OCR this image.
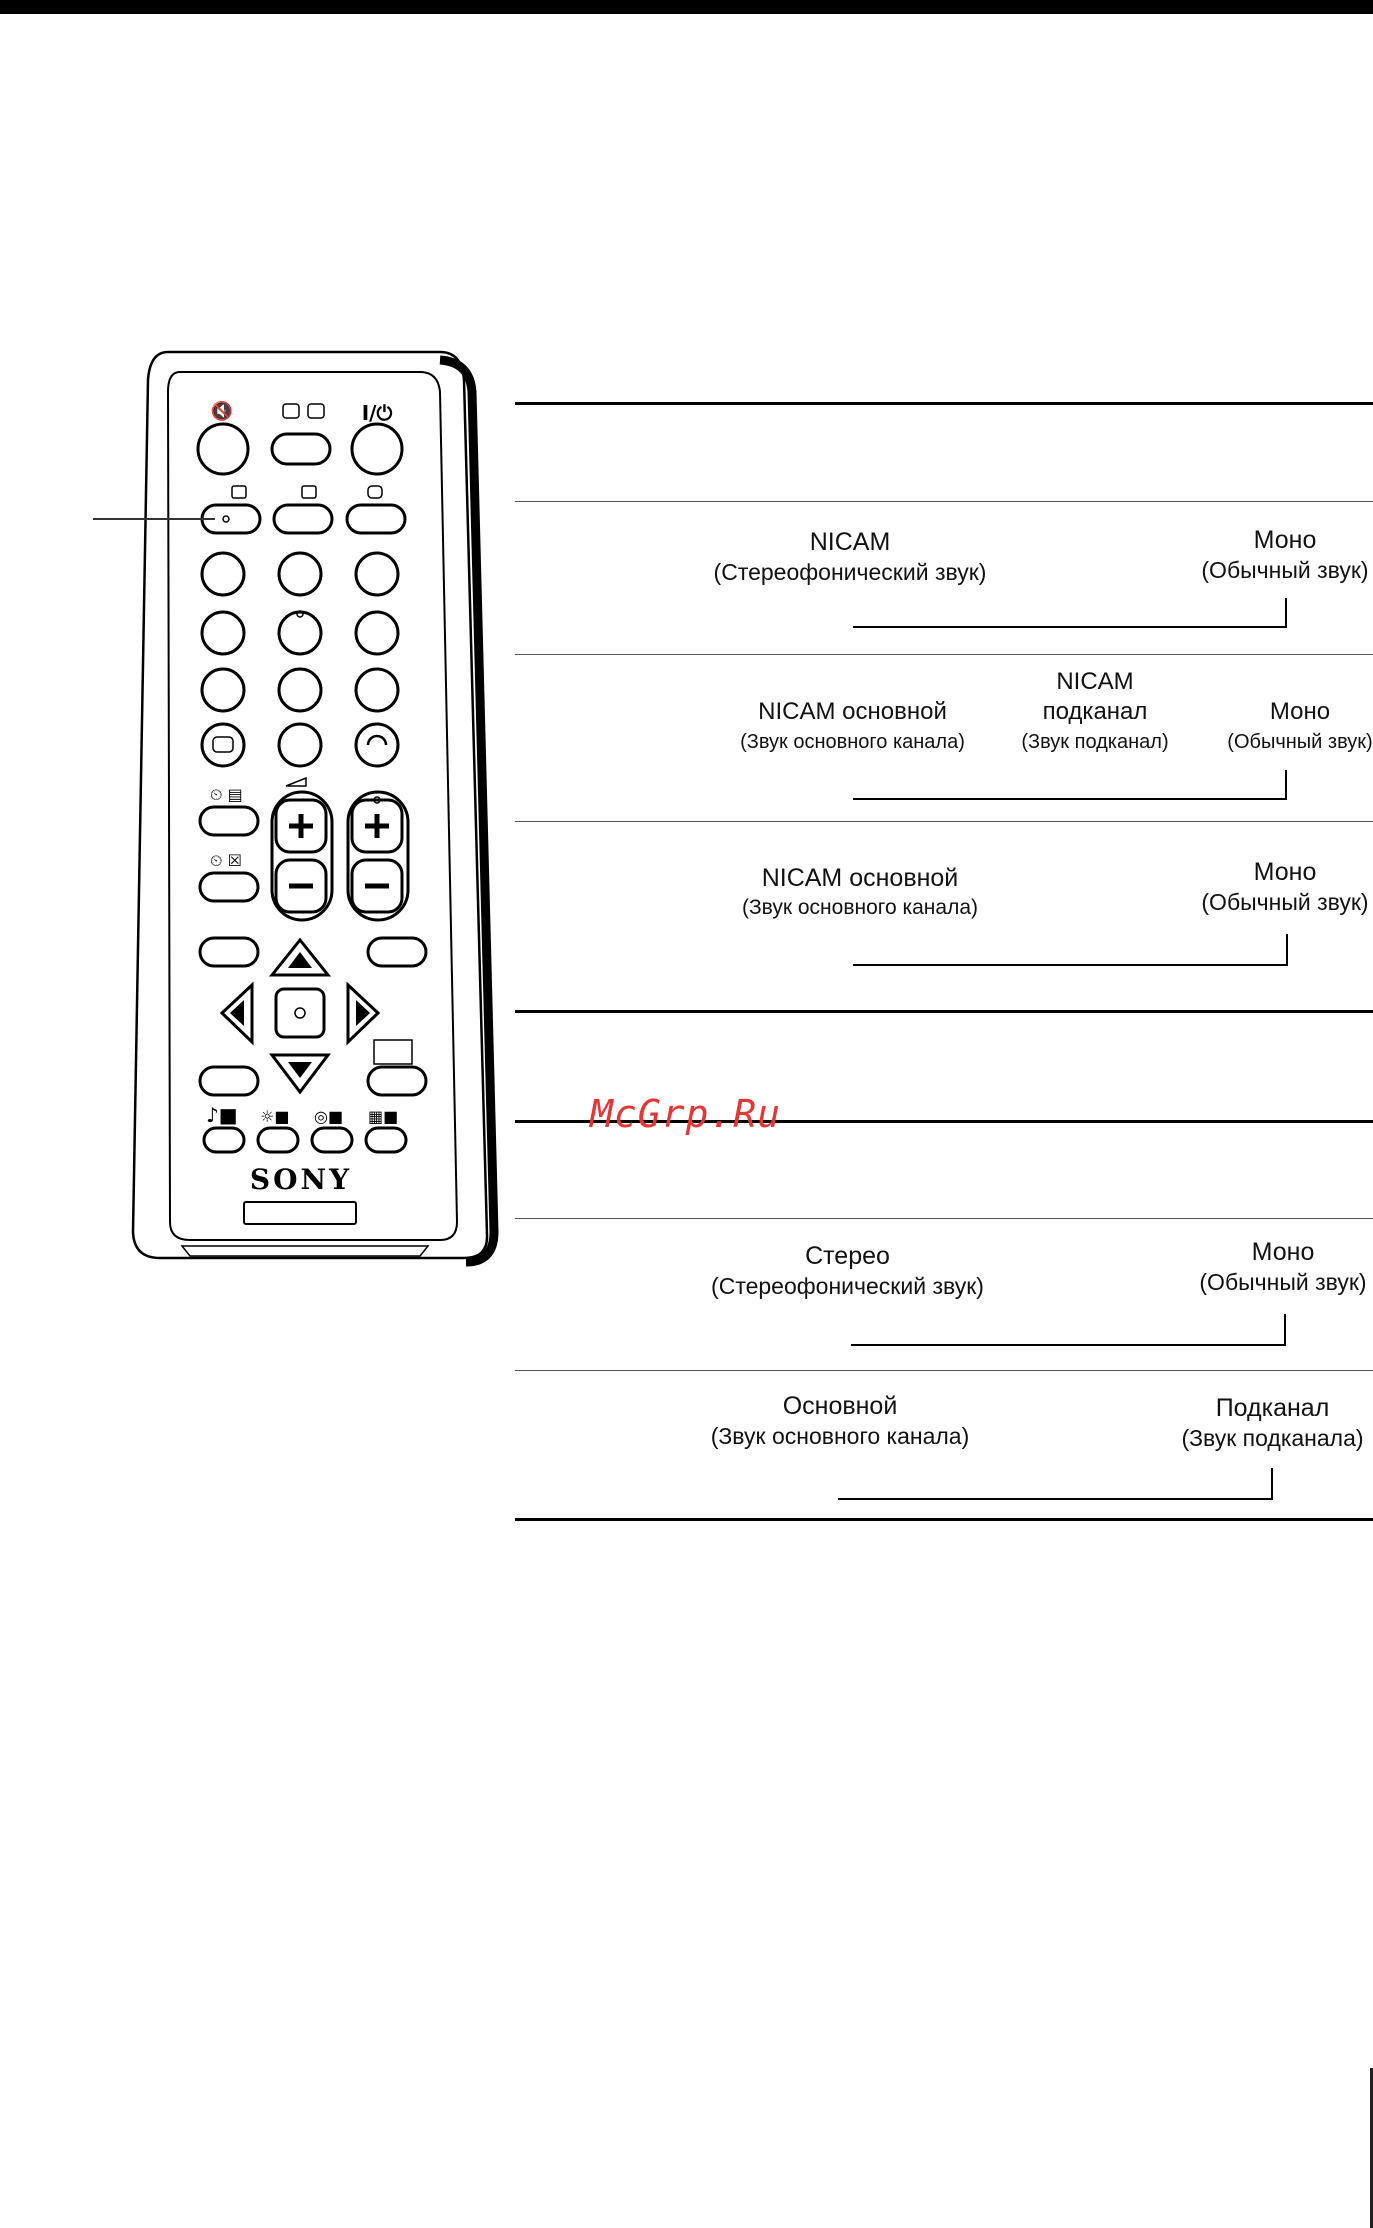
🔇	I/⏻
⏲ ▤
⏲ ☒
♪■ ☼■ ◎■ ▦■
SONY
NICAM
(Стереофонический звук)
Моно
(Обычный звук)
NICAM основной
(Звук основного канала)
NICAM
подканал
(Звук подканал)
Моно
(Обычный звук)
NICAM основной
(Звук основного канала)
Моно
(Обычный звук)
McGrp.Ru
Стерео
(Стереофонический звук)
Моно
(Обычный звук)
Основной
(Звук основного канала)
Подканал
(Звук подканала)
